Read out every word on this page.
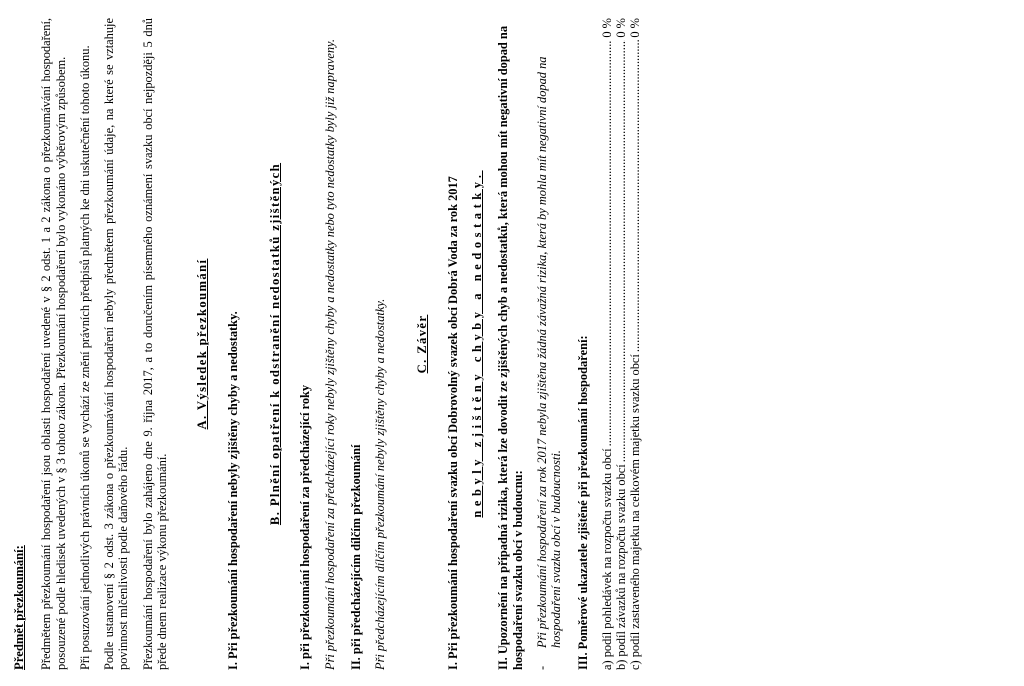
Předmět přezkoumání: Předmětem přezkoumání hospodaření jsou oblasti hospodaření uvedené v § 2 odst. 1 a 2 zákona o přezkoumávání hospodaření, posouzené podle hledisek uvedených v § 3 tohoto zákona. Přezkoumání hospodaření bylo vykonáno výběrovým způsobem. Při posuzování jednotlivých právních úkonů se vychází ze znění právních předpisů platných ke dni uskutečnění tohoto úkonu. Podle ustanovení § 2 odst. 3 zákona o přezkoumávání hospodaření nebyly předmětem přezkoumání údaje, na které se vztahuje povinnost mlčenlivosti podle daňového řádu. Přezkoumání hospodaření bylo zahájeno dne 9. října 2017, a to doručením písemného oznámení svazku obcí nejpozději 5 dnů přede dnem realizace výkonu přezkoumání.
A. Výsledek přezkoumání I. Při přezkoumání hospodaření nebyly zjištěny chyby a nedostatky. B. Plnění opatření k odstranění nedostatků zjištěných
I. při přezkoumání hospodaření za předcházející roky Při přezkoumání hospodaření za předcházející roky nebyly zjištěny chyby a nedostatky nebo tyto nedostatky byly již napraveny. II. při předcházejícím dílčím přezkoumání Při předcházejícím dílčím přezkoumání nebyly zjištěny chyby a nedostatky. C. Závěr I. Při přezkoumání hospodaření svazku obcí Dobrovolný svazek obcí Dobrá Voda za rok 2017 nebyly zjištěny chyby a nedostatky. II. Upozornění na případná rizika, která lze dovodit ze zjištěných chyb a nedostatků, která mohou mít negativní dopad na hospodaření svazku obcí v budoucnu: -
Při přezkoumání hospodaření za rok 2017 nebyla zjištěna žádná závažná rizika, která by mohla mít negativní dopad na hospodaření svazku obcí v budoucnosti. III. Poměrové ukazatele zjištěné při přezkoumání hospodaření: a) podíl pohledávek na rozpočtu svazku obcí
.....
0 %
b) podíl závazků na rozpočtu svazku obcí
.....
0 %
c) podíl zastaveného majetku na celkovém majetku svazku obcí
.....
0 %
